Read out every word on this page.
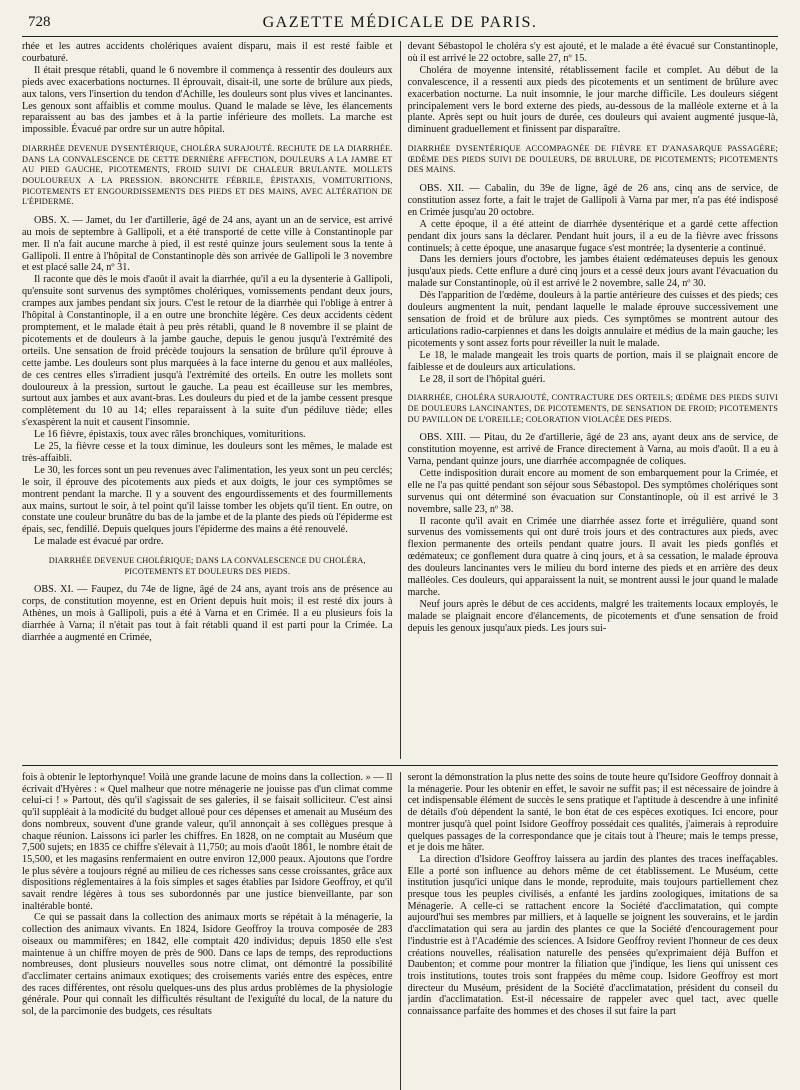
728	GAZETTE MÉDICALE DE PARIS.

rhée et les autres accidents cholériques avaient disparu, mais il est resté faible et courbaturé.

Il était presque rétabli, quand le 6 novembre il commença à ressentir des douleurs aux pieds avec exacerbations nocturnes. Il éprouvait, disait-il, une sorte de brûlure aux pieds, aux talons, vers l'insertion du tendon d'Achille, les douleurs sont plus vives et lancinantes. Les genoux sont affaiblis et comme moulus. Quand le malade se lève, les élancements reparaissent au bas des jambes et à la partie inférieure des mollets. La marche est impossible. Évacué par ordre sur un autre hôpital.

DIARRHÉE DEVENUE DYSENTÉRIQUE, CHOLÉRA SURAJOUTÉ. RECHUTE DE LA DIARRHÉE. DANS LA CONVALESCENCE DE CETTE DERNIÈRE AFFECTION, DOULEURS A LA JAMBE ET AU PIED GAUCHE, PICOTEMENTS, FROID SUIVI DE CHALEUR BRULANTE. MOLLETS DOULOUREUX A LA PRESSION. BRONCHITE FÉBRILE, ÉPISTAXIS, VOMITURITIONS, PICOTEMENTS ET ENGOURDISSEMENTS DES PIEDS ET DES MAINS, AVEC ALTÉRATION DE L'ÉPIDERME.

OBS. X. — Jamet, du 1er d'artillerie, âgé de 24 ans, ayant un an de service, est arrivé au mois de septembre à Gallipoli, et a été transporté de cette ville à Constantinople par mer. Il n'a fait aucune marche à pied, il est resté quinze jours seulement sous la tente à Gallipoli. Il entre à l'hôpital de Constantinople dès son arrivée de Gallipoli le 3 novembre et est placé salle 24, nº 31.

Il raconte que dès le mois d'août il avait la diarrhée, qu'il a eu la dysenterie à Gallipoli, qu'ensuite sont survenus des symptômes cholériques, vomissements pendant deux jours, crampes aux jambes pendant six jours. C'est le retour de la diarrhée qui l'oblige à entrer à l'hôpital à Constantinople, il a en outre une bronchite légère. Ces deux accidents cèdent promptement, et le malade était à peu près rétabli, quand le 8 novembre il se plaint de picotements et de douleurs à la jambe gauche, depuis le genou jusqu'à l'extrémité des orteils. Une sensation de froid précède toujours la sensation de brûlure qu'il éprouve à cette jambe. Les douleurs sont plus marquées à la face interne du genou et aux malléoles, de ces centres elles s'irradient jusqu'à l'extrémité des orteils. En outre les mollets sont douloureux à la pression, surtout le gauche. La peau est écailleuse sur les membres, surtout aux jambes et aux avant-bras. Les douleurs du pied et de la jambe cessent presque complètement du 10 au 14; elles reparaissent à la suite d'un pédiluve tiède; elles s'exaspèrent la nuit et causent l'insomnie.

Le 16 fièvre, épistaxis, toux avec râles bronchiques, vomituritions.

Le 25, la fièvre cesse et la toux diminue, les douleurs sont les mêmes, le malade est très-affaibli.

Le 30, les forces sont un peu revenues avec l'alimentation, les yeux sont un peu cerclés; le soir, il éprouve des picotements aux pieds et aux doigts, le jour ces symptômes se montrent pendant la marche. Il y a souvent des engourdissements et des fourmillements aux mains, surtout le soir, à tel point qu'il laisse tomber les objets qu'il tient. En outre, on constate une couleur brunâtre du bas de la jambe et de la plante des pieds où l'épiderme est épais, sec, fendillé. Depuis quelques jours l'épiderme des mains a été renouvelé.

Le malade est évacué par ordre.

DIARRHÉE DEVENUE CHOLÉRIQUE; DANS LA CONVALESCENCE DU CHOLÉRA, PICOTEMENTS ET DOULEURS DES PIEDS.

OBS. XI. — Faupez, du 74e de ligne, âgé de 24 ans, ayant trois ans de présence au corps, de constitution moyenne, est en Orient depuis huit mois; il est resté dix jours à Athènes, un mois à Gallipoli, puis a été à Varna et en Crimée. Il a eu plusieurs fois la diarrhée à Varna; il n'était pas tout à fait rétabli quand il est parti pour la Crimée. La diarrhée a augmenté en Crimée,

devant Sébastopol le choléra s'y est ajouté, et le malade a été évacué sur Constantinople, où il est arrivé le 22 octobre, salle 27, nº 15.

Choléra de moyenne intensité, rétablissement facile et complet. Au début de la convalescence, il a ressenti aux pieds des picotements et un sentiment de brûlure avec exacerbation nocturne. La nuit insomnie, le jour marche difficile. Les douleurs siégent principalement vers le bord externe des pieds, au-dessous de la malléole externe et à la plante. Après sept ou huit jours de durée, ces douleurs qui avaient augmenté jusque-là, diminuent graduellement et finissent par disparaître.

DIARRHÉE DYSENTÉRIQUE ACCOMPAGNÉE DE FIÈVRE ET D'ANASARQUE PASSAGÈRE; ŒDÈME DES PIEDS SUIVI DE DOULEURS, DE BRULURE, DE PICOTEMENTS; PICOTEMENTS DES MAINS.

OBS. XII. — Cabalin, du 39e de ligne, âgé de 26 ans, cinq ans de service, de constitution assez forte, a fait le trajet de Gallipoli à Varna par mer, n'a pas été indisposé en Crimée jusqu'au 20 octobre.

A cette époque, il a été atteint de diarrhée dysentérique et a gardé cette affection pendant dix jours sans la déclarer. Pendant huit jours, il a eu de la fièvre avec frissons continuels; à cette époque, une anasarque fugace s'est montrée; la dysenterie a continué.

Dans les derniers jours d'octobre, les jambes étaient œdémateuses depuis les genoux jusqu'aux pieds. Cette enflure a duré cinq jours et a cessé deux jours avant l'évacuation du malade sur Constantinople, où il est arrivé le 2 novembre, salle 24, nº 30.

Dès l'apparition de l'œdème, douleurs à la partie antérieure des cuisses et des pieds; ces douleurs augmentent la nuit, pendant laquelle le malade éprouve successivement une sensation de froid et de brûlure aux pieds. Ces symptômes se montrent autour des articulations radio-carpiennes et dans les doigts annulaire et médius de la main gauche; les picotements y sont assez forts pour réveiller la nuit le malade.

Le 18, le malade mangeait les trois quarts de portion, mais il se plaignait encore de faiblesse et de douleurs aux articulations.

Le 28, il sort de l'hôpital guéri.

DIARRHÉE, CHOLÉRA SURAJOUTÉ, CONTRACTURE DES ORTEILS; ŒDÈME DES PIEDS SUIVI DE DOULEURS LANCINANTES, DE PICOTEMENTS, DE SENSATION DE FROID; PICOTEMENTS DU PAVILLON DE L'OREILLE; COLORATION VIOLACÉE DES PIEDS.

OBS. XIII. — Pitau, du 2e d'artillerie, âgé de 23 ans, ayant deux ans de service, de constitution moyenne, est arrivé de France directement à Varna, au mois d'août. Il a eu à Varna, pendant quinze jours, une diarrhée accompagnée de coliques.

Cette indisposition durait encore au moment de son embarquement pour la Crimée, et elle ne l'a pas quitté pendant son séjour sous Sébastopol. Des symptômes cholériques sont survenus qui ont déterminé son évacuation sur Constantinople, où il est arrivé le 3 novembre, salle 23, nº 38.

Il raconte qu'il avait en Crimée une diarrhée assez forte et irrégulière, quand sont survenus des vomissements qui ont duré trois jours et des contractures aux pieds, avec flexion permanente des orteils pendant quatre jours. Il avait les pieds gonflés et œdémateux; ce gonflement dura quatre à cinq jours, et à sa cessation, le malade éprouva des douleurs lancinantes vers le milieu du bord interne des pieds et en arrière des deux malléoles. Ces douleurs, qui apparaissent la nuit, se montrent aussi le jour quand le malade marche.

Neuf jours après le début de ces accidents, malgré les traitements locaux employés, le malade se plaignait encore d'élancements, de picotements et d'une sensation de froid depuis les genoux jusqu'aux pieds. Les jours sui-

fois à obtenir le leptorhynque! Voilà une grande lacune de moins dans la collection. » — Il écrivait d'Hyères : « Quel malheur que notre ménagerie ne jouisse pas d'un climat comme celui-ci ! » Partout, dès qu'il s'agissait de ses galeries, il se faisait solliciteur. C'est ainsi qu'il suppléait à la modicité du budget alloué pour ces dépenses et amenait au Muséum des dons nombreux, souvent d'une grande valeur, qu'il annonçait à ses collègues presque à chaque réunion. Laissons ici parler les chiffres. En 1828, on ne comptait au Muséum que 7,500 sujets; en 1835 ce chiffre s'élevait à 11,750; au mois d'août 1861, le nombre était de 15,500, et les magasins renfermaient en outre environ 12,000 peaux. Ajoutons que l'ordre le plus sévère a toujours régné au milieu de ces richesses sans cesse croissantes, grâce aux dispositions réglementaires à la fois simples et sages établies par Isidore Geoffroy, et qu'il savait rendre légères à tous ses subordonnés par une justice bienveillante, par son inaltérable bonté.

Ce qui se passait dans la collection des animaux morts se répétait à la ménagerie, la collection des animaux vivants. En 1824, Isidore Geoffroy la trouva composée de 283 oiseaux ou mammifères; en 1842, elle comptait 420 individus; depuis 1850 elle s'est maintenue à un chiffre moyen de près de 900. Dans ce laps de temps, des reproductions nombreuses, dont plusieurs nouvelles sous notre climat, ont démontré la possibilité d'acclimater certains animaux exotiques; des croisements variés entre des espèces, entre des races différentes, ont résolu quelques-uns des plus ardus problèmes de la physiologie générale. Pour qui connaît les difficultés résultant de l'exiguïté du local, de la nature du sol, de la parcimonie des budgets, ces résultats

seront la démonstration la plus nette des soins de toute heure qu'Isidore Geoffroy donnait à la ménagerie. Pour les obtenir en effet, le savoir ne suffit pas; il est nécessaire de joindre à cet indispensable élément de succès le sens pratique et l'aptitude à descendre à une infinité de détails d'où dépendent la santé, le bon état de ces espèces exotiques. Ici encore, pour montrer jusqu'à quel point Isidore Geoffroy possédait ces qualités, j'aimerais à reproduire quelques passages de la correspondance que je citais tout à l'heure; mais le temps presse, et je dois me hâter.

La direction d'Isidore Geoffroy laissera au jardin des plantes des traces ineffaçables. Elle a porté son influence au dehors même de cet établissement. Le Muséum, cette institution jusqu'ici unique dans le monde, reproduite, mais toujours partiellement chez presque tous les peuples civilisés, a enfanté les jardins zoologiques, imitations de sa Ménagerie. A celle-ci se rattachent encore la Société d'acclimatation, qui compte aujourd'hui ses membres par milliers, et à laquelle se joignent les souverains, et le jardin d'acclimatation qui sera au jardin des plantes ce que la Société d'encouragement pour l'industrie est à l'Académie des sciences. A Isidore Geoffroy revient l'honneur de ces deux créations nouvelles, réalisation naturelle des pensées qu'exprimaient déjà Buffon et Daubenton; et comme pour montrer la filiation que j'indique, les liens qui unissent ces trois institutions, toutes trois sont frappées du même coup. Isidore Geoffroy est mort directeur du Muséum, président de la Société d'acclimatation, président du conseil du jardin d'acclimatation. Est-il nécessaire de rappeler avec quel tact, avec quelle connaissance parfaite des hommes et des choses il sut faire la part
